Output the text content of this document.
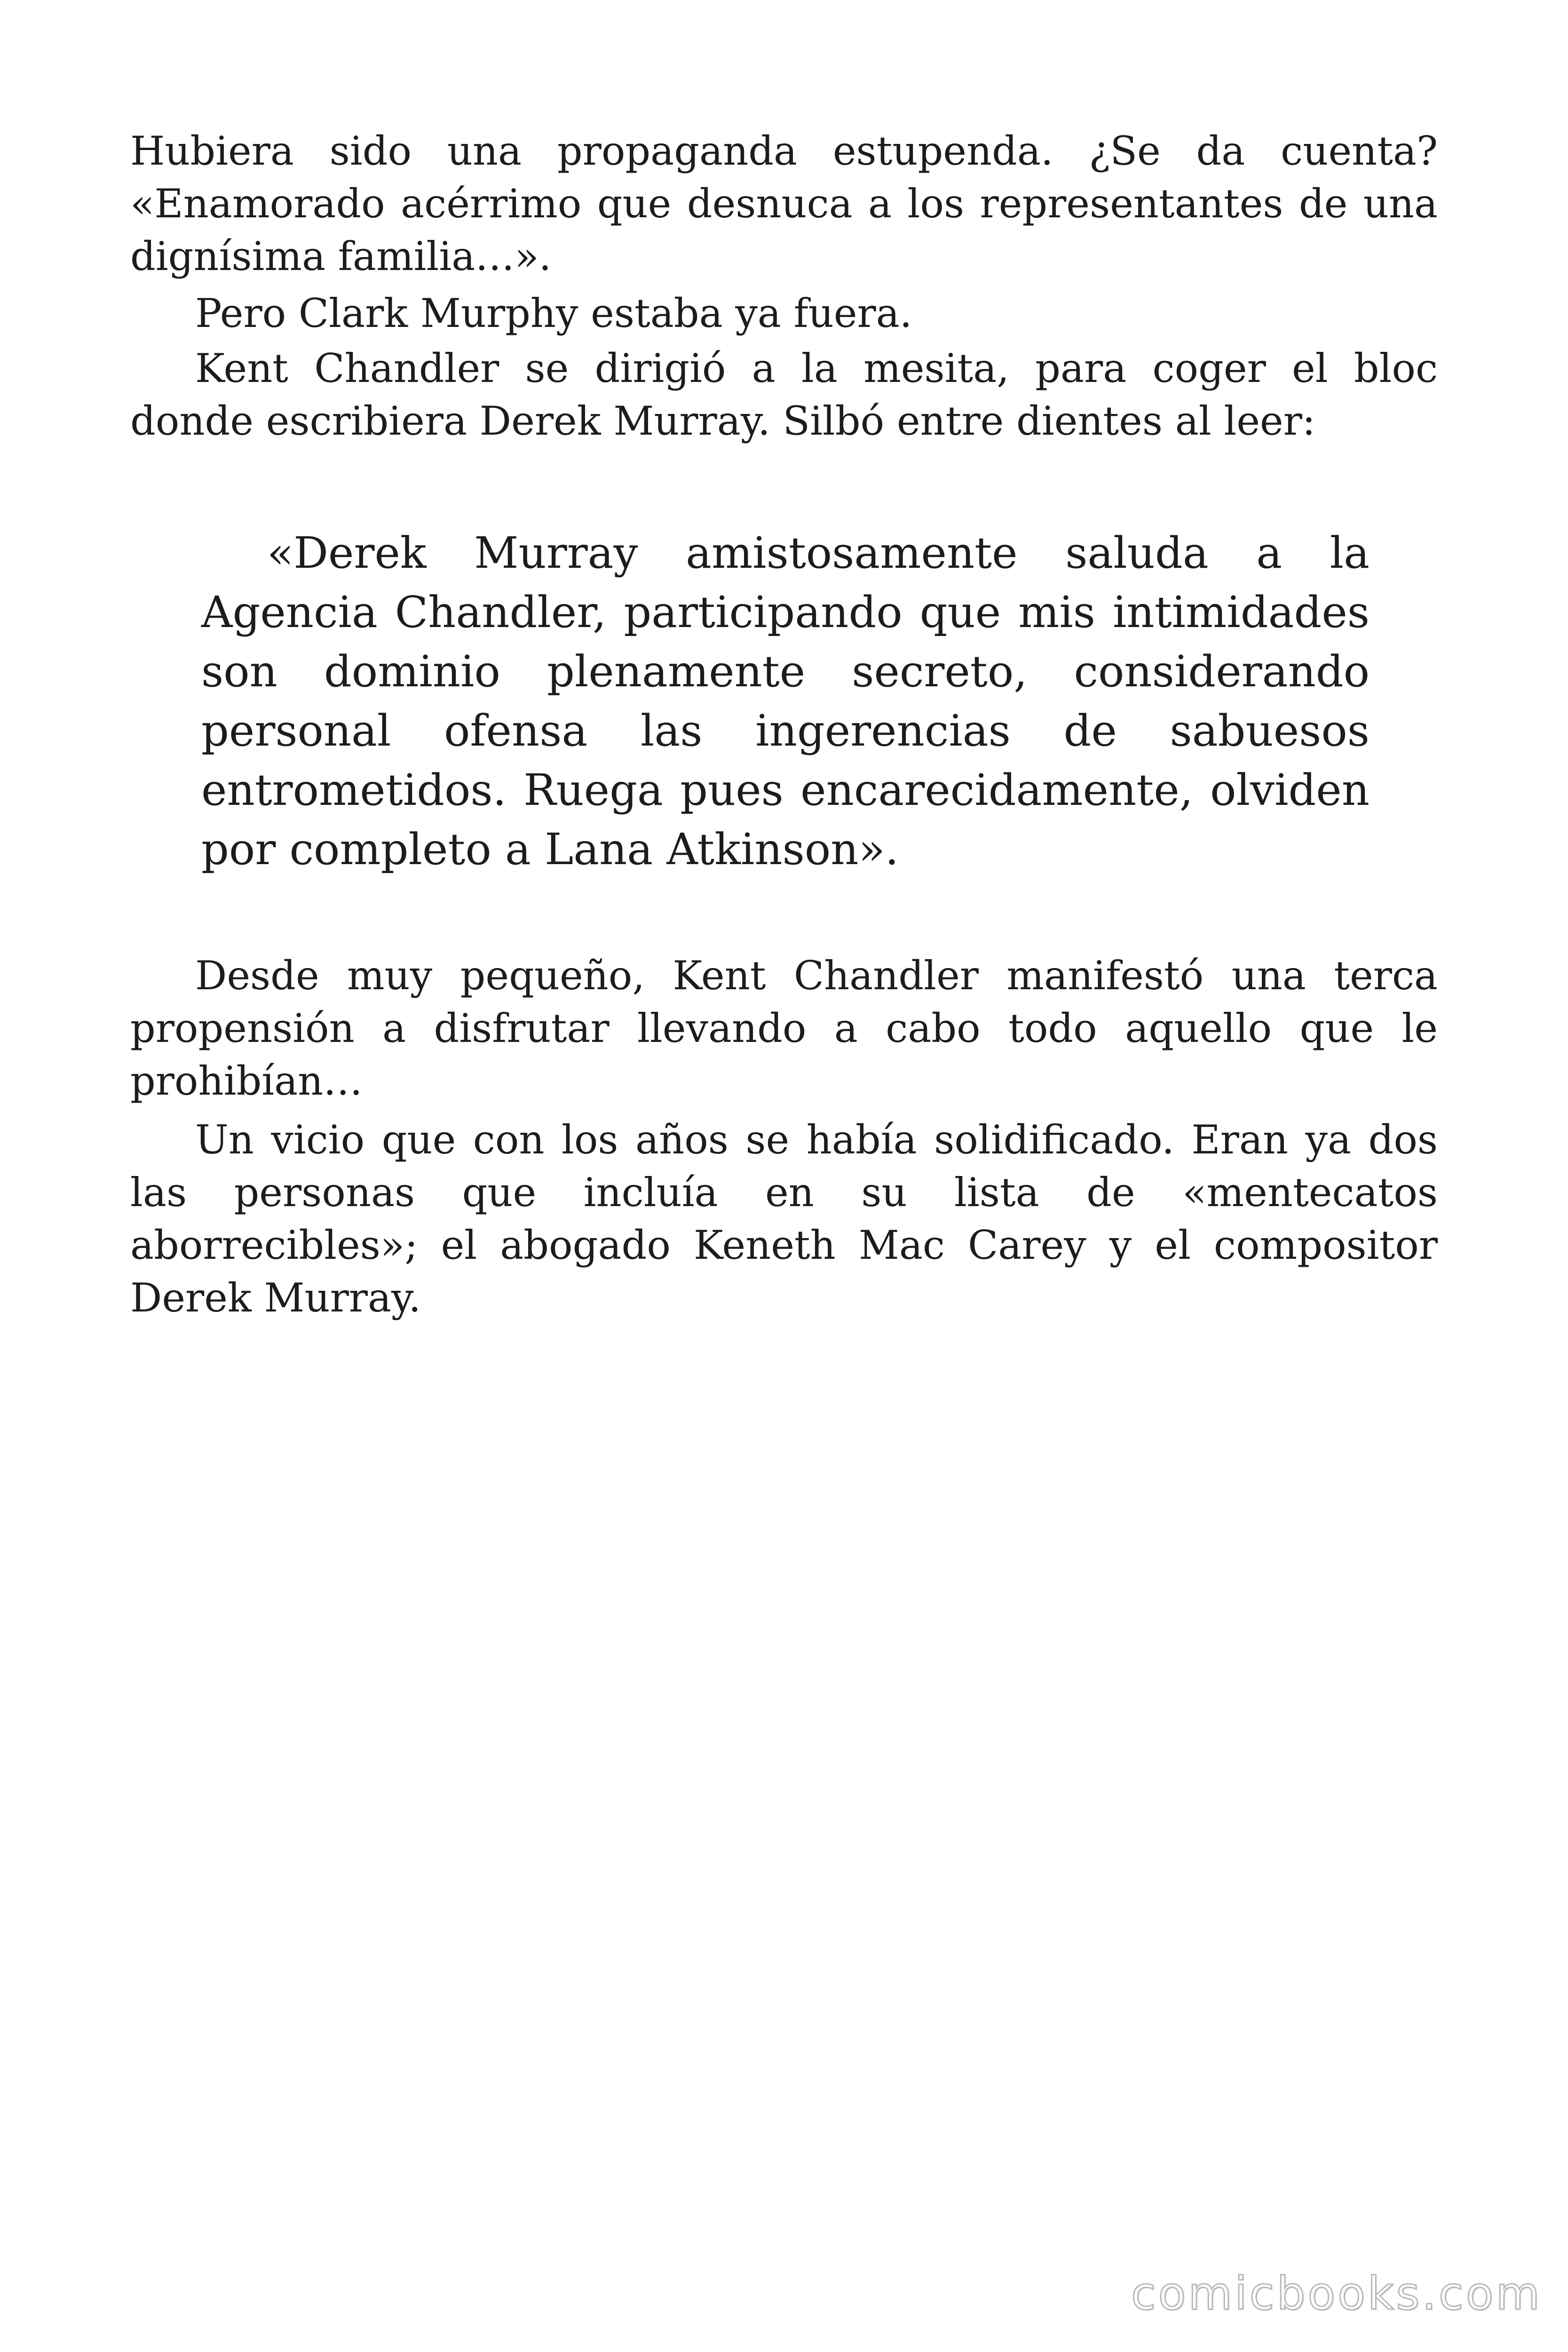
Hubiera sido una propaganda estupenda. ¿Se da cuenta? «Enamorado acérrimo que desnuca a los representantes de una dignísima familia…».

Pero Clark Murphy estaba ya fuera.

Kent Chandler se dirigió a la mesita, para coger el bloc donde escribiera Derek Murray. Silbó entre dientes al leer:

«Derek Murray amistosamente saluda a la Agencia Chandler, participando que mis intimidades son dominio plenamente secreto, considerando personal ofensa las ingerencias de sabuesos entrometidos. Ruega pues encarecidamente, olviden por completo a Lana Atkinson».

Desde muy pequeño, Kent Chandler manifestó una terca propensión a disfrutar llevando a cabo todo aquello que le prohibían…

Un vicio que con los años se había solidificado. Eran ya dos las personas que incluía en su lista de «mentecatos aborrecibles»; el abogado Keneth Mac Carey y el compositor Derek Murray.

comicbooks.com
